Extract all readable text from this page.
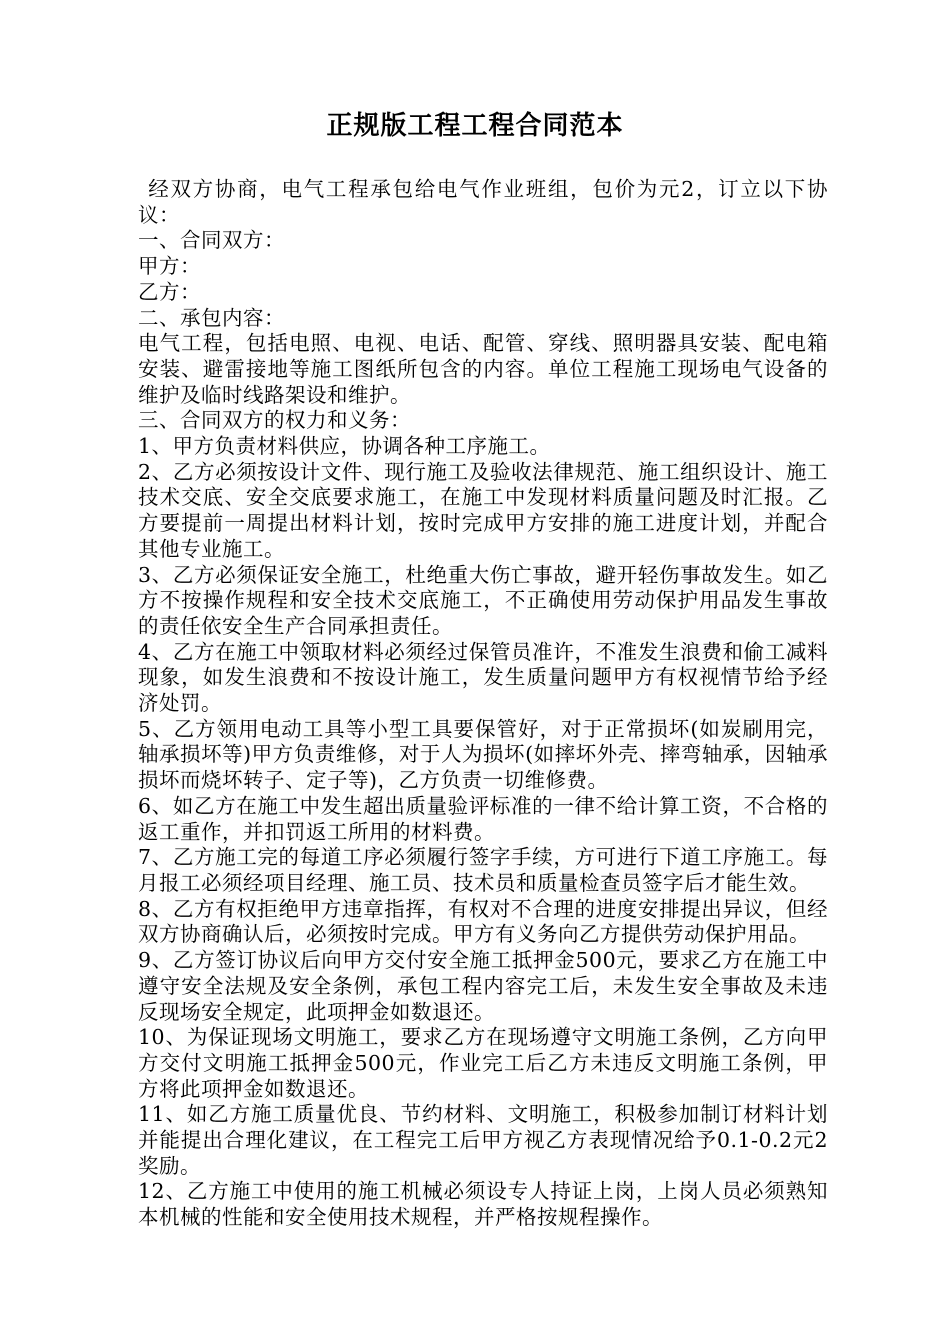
正规版工程工程合同范本

经双方协商，电气工程承包给电气作业班组，包价为元2，订立以下协议：

一、合同双方：

甲方：

乙方：

二、承包内容：

电气工程，包括电照、电视、电话、配管、穿线、照明器具安装、配电箱安装、避雷接地等施工图纸所包含的内容。单位工程施工现场电气设备的维护及临时线路架设和维护。

三、合同双方的权力和义务：

1、甲方负责材料供应，协调各种工序施工。

2、乙方必须按设计文件、现行施工及验收法律规范、施工组织设计、施工技术交底、安全交底要求施工，在施工中发现材料质量问题及时汇报。乙方要提前一周提出材料计划，按时完成甲方安排的施工进度计划，并配合其他专业施工。

3、乙方必须保证安全施工，杜绝重大伤亡事故，避开轻伤事故发生。如乙方不按操作规程和安全技术交底施工，不正确使用劳动保护用品发生事故的责任依安全生产合同承担责任。

4、乙方在施工中领取材料必须经过保管员准许，不准发生浪费和偷工减料现象，如发生浪费和不按设计施工，发生质量问题甲方有权视情节给予经济处罚。

5、乙方领用电动工具等小型工具要保管好，对于正常损坏(如炭刷用完，轴承损坏等)甲方负责维修，对于人为损坏(如摔坏外壳、摔弯轴承，因轴承损坏而烧坏转子、定子等)，乙方负责一切维修费。

6、如乙方在施工中发生超出质量验评标准的一律不给计算工资，不合格的返工重作，并扣罚返工所用的材料费。

7、乙方施工完的每道工序必须履行签字手续，方可进行下道工序施工。每月报工必须经项目经理、施工员、技术员和质量检查员签字后才能生效。

8、乙方有权拒绝甲方违章指挥，有权对不合理的进度安排提出异议，但经双方协商确认后，必须按时完成。甲方有义务向乙方提供劳动保护用品。

9、乙方签订协议后向甲方交付安全施工抵押金500元，要求乙方在施工中遵守安全法规及安全条例，承包工程内容完工后，未发生安全事故及未违反现场安全规定，此项押金如数退还。

10、为保证现场文明施工，要求乙方在现场遵守文明施工条例，乙方向甲方交付文明施工抵押金500元，作业完工后乙方未违反文明施工条例，甲方将此项押金如数退还。

11、如乙方施工质量优良、节约材料、文明施工，积极参加制订材料计划并能提出合理化建议，在工程完工后甲方视乙方表现情况给予0.1-0.2元2奖励。

12、乙方施工中使用的施工机械必须设专人持证上岗，上岗人员必须熟知本机械的性能和安全使用技术规程，并严格按规程操作。
